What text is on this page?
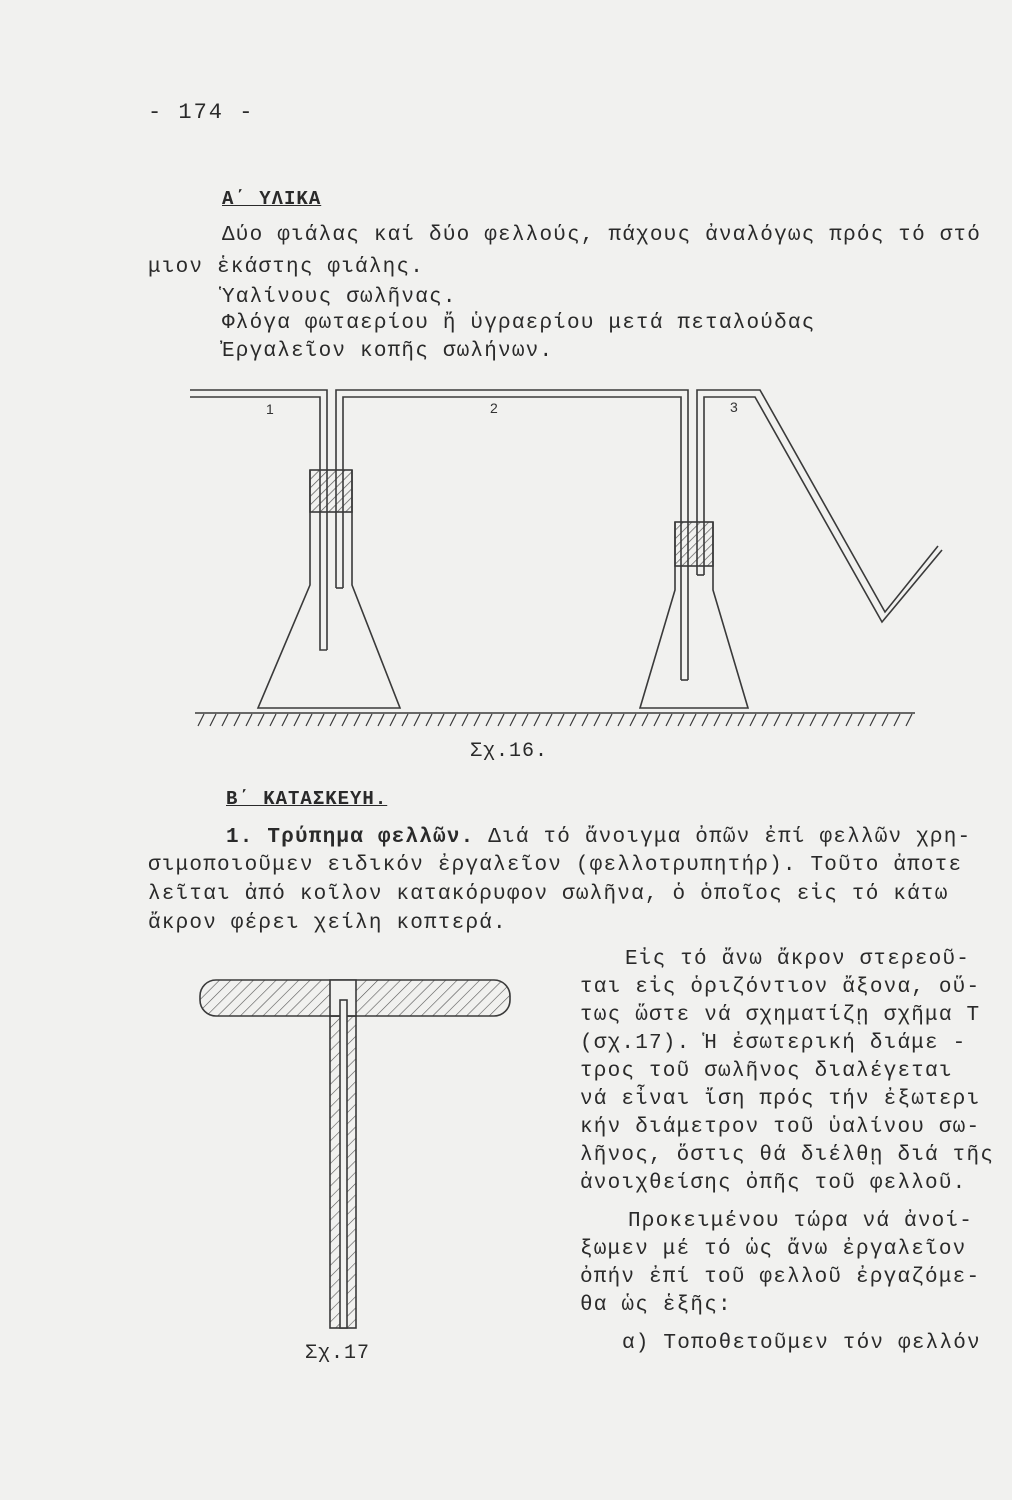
- 174 -
Α΄ ΥΛΙΚΑ
Δύο φιάλας καί δύο φελλούς, πάχους ἀναλόγως πρός τό στό
μιον ἑκάστης φιάλης.
Ὑαλίνους σωλῆνας.
Φλόγα φωταερίου ἤ ὑγραερίου μετά πεταλούδας
Ἐργαλεῖον κοπῆς σωλήνων.
1	2	3
Σχ.16.
Β΄ ΚΑΤΑΣΚΕΥΗ.
1. Τρύπημα φελλῶν. Διά τό ἄνοιγμα ὀπῶν ἐπί φελλῶν χρη-
σιμοποιοῦμεν ειδικόν ἐργαλεῖον (φελλοτρυπητήρ). Τοῦτο ἀποτε
λεῖται ἀπό κοῖλον κατακόρυφον σωλῆνα, ὁ ὁποῖος εἰς τό κάτω
ἄκρον φέρει χείλη κοπτερά.
Εἰς τό ἄνω ἄκρον στερεοῦ-
ται εἰς ὁριζόντιον ἄξονα, οὕ-
τως ὥστε νά σχηματίζῃ σχῆμα Τ
(σχ.17). Ἡ ἐσωτερική διάμε -
τρος τοῦ σωλῆνος διαλέγεται
νά εἶναι ἴση πρός τήν ἐξωτερι
κήν διάμετρον τοῦ ὑαλίνου σω-
λῆνος, ὅστις θά διέλθῃ διά τῆς
ἀνοιχθείσης ὀπῆς τοῦ φελλοῦ.
Προκειμένου τώρα νά ἀνοί-
ξωμεν μέ τό ὡς ἄνω ἐργαλεῖον
ὀπήν ἐπί τοῦ φελλοῦ ἐργαζόμε-
θα ὡς ἑξῆς:
α) Τοποθετοῦμεν τόν φελλόν
Σχ.17
